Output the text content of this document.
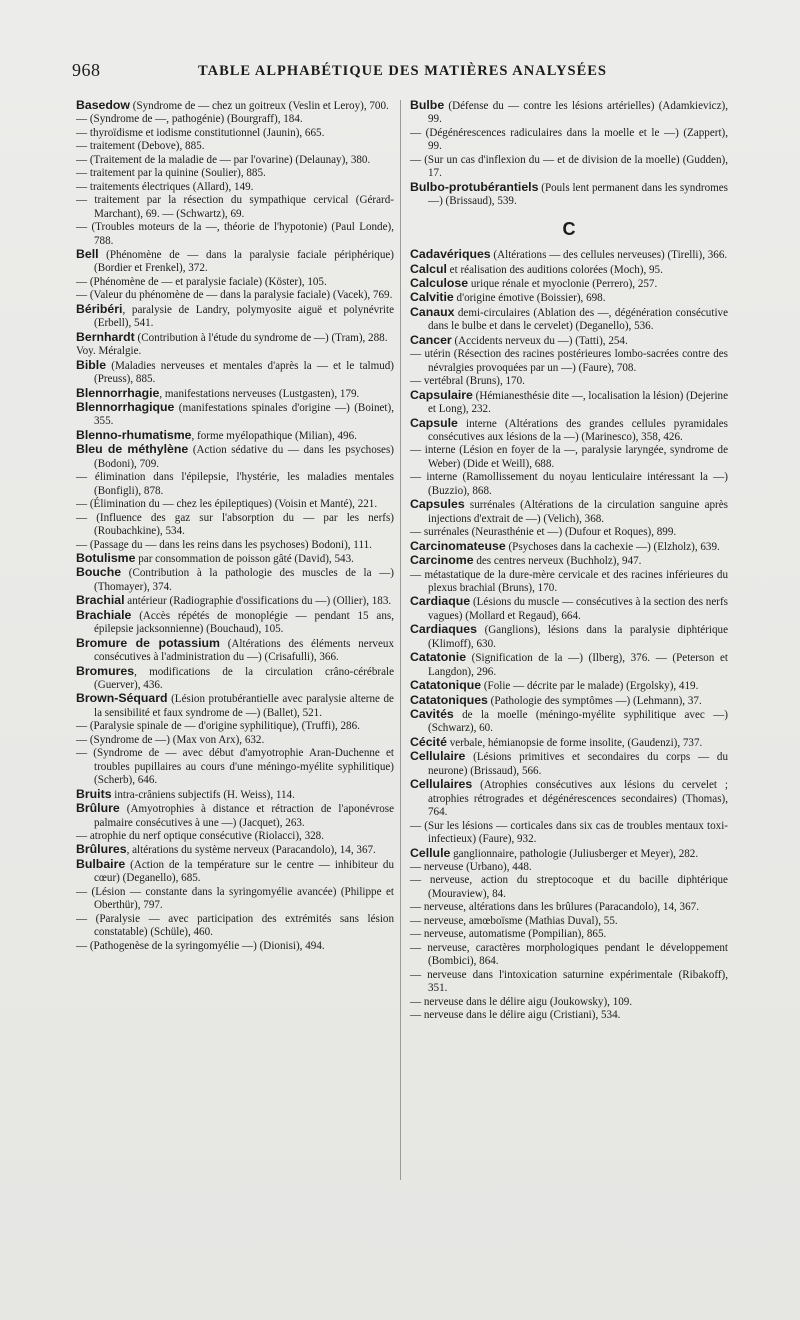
968	TABLE ALPHABÉTIQUE DES MATIÈRES ANALYSÉES

Basedow (Syndrome de — chez un goitreux (Veslin et Leroy), 700.

— (Syndrome de —, pathogénie) (Bourgraff), 184.

— thyroïdisme et iodisme constitutionnel (Jaunin), 665.

— traitement (Debove), 885.

— (Traitement de la maladie de — par l'ovarine) (Delaunay), 380.

— traitement par la quinine (Soulier), 885.

— traitements électriques (Allard), 149.

— traitement par la résection du sympathique cervical (Gérard-Marchant), 69. — (Schwartz), 69.

— (Troubles moteurs de la —, théorie de l'hypotonie) (Paul Londe), 788.

Bell (Phénomène de — dans la paralysie faciale périphérique) (Bordier et Frenkel), 372.

— (Phénomène de — et paralysie faciale) (Köster), 105.

— (Valeur du phénomène de — dans la paralysie faciale) (Vacek), 769.

Béribéri, paralysie de Landry, polymyosite aiguë et polynévrite (Erbell), 541.

Bernhardt (Contribution à l'étude du syndrome de —) (Tram), 288.

Voy. Méralgie.

Bible (Maladies nerveuses et mentales d'après la — et le talmud) (Preuss), 885.

Blennorrhagie, manifestations nerveuses (Lustgasten), 179.

Blennorrhagique (manifestations spinales d'origine —) (Boinet), 355.

Blenno-rhumatisme, forme myélopathique (Milian), 496.

Bleu de méthylène (Action sédative du — dans les psychoses) (Bodoni), 709.

— élimination dans l'épilepsie, l'hystérie, les maladies mentales (Bonfigli), 878.

— (Élimination du — chez les épileptiques) (Voisin et Manté), 221.

— (Influence des gaz sur l'absorption du — par les nerfs) (Roubachkine), 534.

— (Passage du — dans les reins dans les psychoses) Bodoni), 111.

Botulisme par consommation de poisson gâté (David), 543.

Bouche (Contribution à la pathologie des muscles de la —) (Thomayer), 374.

Brachial antérieur (Radiographie d'ossifications du —) (Ollier), 183.

Brachiale (Accès répétés de monoplégie — pendant 15 ans, épilepsie jacksonnienne) (Bouchaud), 105.

Bromure de potassium (Altérations des éléments nerveux consécutives à l'administration du —) (Crisafulli), 366.

Bromures, modifications de la circulation crâno-cérébrale (Guerver), 436.

Brown-Séquard (Lésion protubérantielle avec paralysie alterne de la sensibilité et faux syndrome de —) (Ballet), 521.

— (Paralysie spinale de — d'origine syphilitique), (Truffi), 286.

— (Syndrome de —) (Max von Arx), 632.

— (Syndrome de — avec début d'amyotrophie Aran-Duchenne et troubles pupillaires au cours d'une méningo-myélite syphilitique) (Scherb), 646.

Bruits intra-crâniens subjectifs (H. Weiss), 114.

Brûlure (Amyotrophies à distance et rétraction de l'aponévrose palmaire consécutives à une —) (Jacquet), 263.

— atrophie du nerf optique consécutive (Riolacci), 328.

Brûlures, altérations du système nerveux (Paracandolo), 14, 367.

Bulbaire (Action de la température sur le centre — inhibiteur du cœur) (Deganello), 685.

— (Lésion — constante dans la syringomyélie avancée) (Philippe et Oberthür), 797.

— (Paralysie — avec participation des extrémités sans lésion constatable) (Schüle), 460.

— (Pathogenèse de la syringomyélie —) (Dionisi), 494.

Bulbe (Défense du — contre les lésions artérielles) (Adamkievicz), 99.

— (Dégénérescences radiculaires dans la moelle et le —) (Zappert), 99.

— (Sur un cas d'inflexion du — et de division de la moelle) (Gudden), 17.

Bulbo-protubérantiels (Pouls lent permanent dans les syndromes —) (Brissaud), 539.

C

Cadavériques (Altérations — des cellules nerveuses) (Tirelli), 366.

Calcul et réalisation des auditions colorées (Moch), 95.

Calculose urique rénale et myoclonie (Perrero), 257.

Calvitie d'origine émotive (Boissier), 698.

Canaux demi-circulaires (Ablation des —, dégénération consécutive dans le bulbe et dans le cervelet) (Deganello), 536.

Cancer (Accidents nerveux du —) (Tatti), 254.

— utérin (Résection des racines postérieures lombo-sacrées contre des névralgies provoquées par un —) (Faure), 708.

— vertébral (Bruns), 170.

Capsulaire (Hémianesthésie dite —, localisation la lésion) (Dejerine et Long), 232.

Capsule interne (Altérations des grandes cellules pyramidales consécutives aux lésions de la —) (Marinesco), 358, 426.

— interne (Lésion en foyer de la —, paralysie laryngée, syndrome de Weber) (Dide et Weill), 688.

— interne (Ramollissement du noyau lenticulaire intéressant la —) (Buzzio), 868.

Capsules surrénales (Altérations de la circulation sanguine après injections d'extrait de —) (Velich), 368.

— surrénales (Neurasthénie et —) (Dufour et Roques), 899.

Carcinomateuse (Psychoses dans la cachexie —) (Elzholz), 639.

Carcinome des centres nerveux (Buchholz), 947.

— métastatique de la dure-mère cervicale et des racines inférieures du plexus brachial (Bruns), 170.

Cardiaque (Lésions du muscle — consécutives à la section des nerfs vagues) (Mollard et Regaud), 664.

Cardiaques (Ganglions), lésions dans la paralysie diphtérique (Klimoff), 630.

Catatonie (Signification de la —) (Ilberg), 376. — (Peterson et Langdon), 296.

Catatonique (Folie — décrite par le malade) (Ergolsky), 419.

Catatoniques (Pathologie des symptômes —) (Lehmann), 37.

Cavités de la moelle (méningo-myélite syphilitique avec —) (Schwarz), 60.

Cécité verbale, hémianopsie de forme insolite, (Gaudenzi), 737.

Cellulaire (Lésions primitives et secondaires du corps — du neurone) (Brissaud), 566.

Cellulaires (Atrophies consécutives aux lésions du cervelet ; atrophies rétrogrades et dégénérescences secondaires) (Thomas), 764.

— (Sur les lésions — corticales dans six cas de troubles mentaux toxi-infectieux) (Faure), 932.

Cellule ganglionnaire, pathologie (Juliusberger et Meyer), 282.

— nerveuse (Urbano), 448.

— nerveuse, action du streptocoque et du bacille diphtérique (Mouraview), 84.

— nerveuse, altérations dans les brûlures (Paracandolo), 14, 367.

— nerveuse, amœboïsme (Mathias Duval), 55.

— nerveuse, automatisme (Pompilian), 865.

— nerveuse, caractères morphologiques pendant le développement (Bombici), 864.

— nerveuse dans l'intoxication saturnine expérimentale (Ribakoff), 351.

— nerveuse dans le délire aigu (Joukowsky), 109.

— nerveuse dans le délire aigu (Cristiani), 534.
